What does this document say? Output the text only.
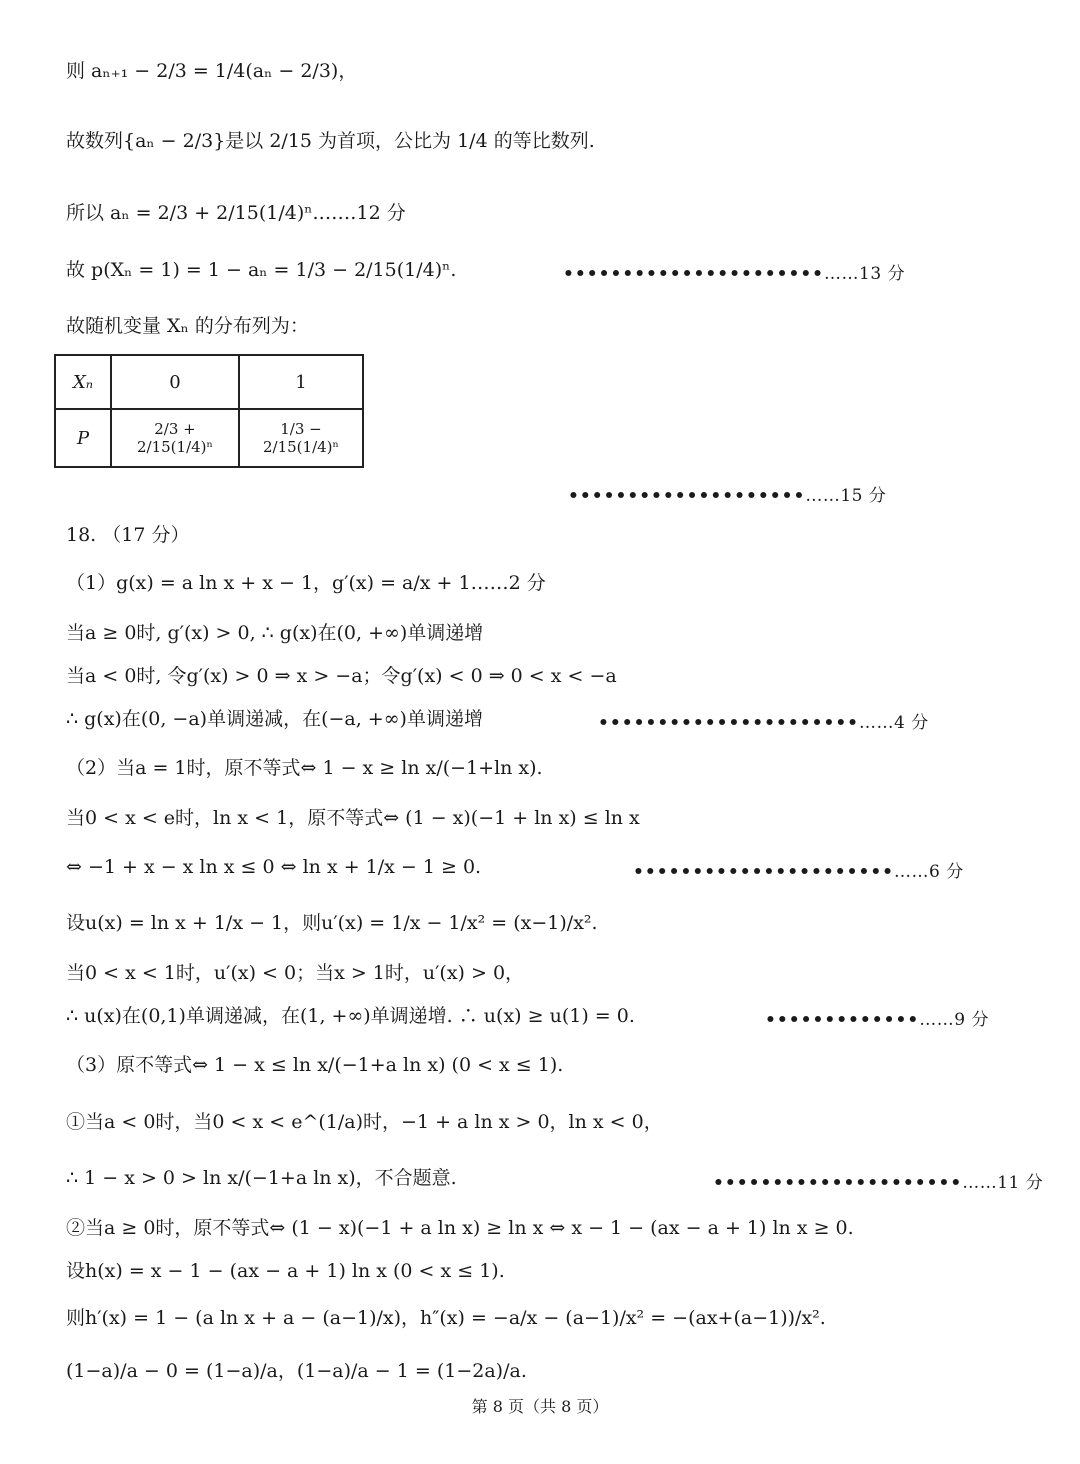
则 aₙ₊₁ − 2/3 = 1/4(aₙ − 2/3)，
故数列{aₙ − 2/3}是以 2/15 为首项，公比为 1/4 的等比数列.
所以 aₙ = 2/3 + 2/15(1/4)ⁿ.……12 分
故 p(Xₙ = 1) = 1 − aₙ = 1/3 − 2/15(1/4)ⁿ.	••••••••••••••••••••••……13 分
故随机变量 Xₙ 的分布列为：
Xₙ	0	1
P	2/3 + 2/15(1/4)ⁿ	1/3 − 2/15(1/4)ⁿ
••••••••••••••••••••……15 分
18. （17 分）
（1）g(x) = a ln x + x − 1，g′(x) = a/x + 1……2 分
当a ≥ 0时, g′(x) > 0, ∴ g(x)在(0, +∞)单调递增
当a < 0时, 令g′(x) > 0 ⇒ x > −a；令g′(x) < 0 ⇒ 0 < x < −a
∴ g(x)在(0, −a)单调递减，在(−a, +∞)单调递增	••••••••••••••••••••••……4 分
（2）当a = 1时，原不等式⇔ 1 − x ≥ ln x/(−1+ln x).
当0 < x < e时，ln x < 1，原不等式⇔ (1 − x)(−1 + ln x) ≤ ln x
⇔ −1 + x − x ln x ≤ 0 ⇔ ln x + 1/x − 1 ≥ 0.	••••••••••••••••••••••……6 分
设u(x) = ln x + 1/x − 1，则u′(x) = 1/x − 1/x² = (x−1)/x².
当0 < x < 1时，u′(x) < 0；当x > 1时，u′(x) > 0，
∴ u(x)在(0,1)单调递减，在(1, +∞)单调递增. ∴ u(x) ≥ u(1) = 0.	•••••••••••••……9 分
（3）原不等式⇔ 1 − x ≤ ln x/(−1+a ln x) (0 < x ≤ 1).
①当a < 0时，当0 < x < e^(1/a)时，−1 + a ln x > 0，ln x < 0，
∴ 1 − x > 0 > ln x/(−1+a ln x)，不合题意.	•••••••••••••••••••••……11 分
②当a ≥ 0时，原不等式⇔ (1 − x)(−1 + a ln x) ≥ ln x ⇔ x − 1 − (ax − a + 1) ln x ≥ 0.
设h(x) = x − 1 − (ax − a + 1) ln x (0 < x ≤ 1).
则h′(x) = 1 − (a ln x + a − (a−1)/x)，h″(x) = −a/x − (a−1)/x² = −(ax+(a−1))/x².
(1−a)/a − 0 = (1−a)/a，(1−a)/a − 1 = (1−2a)/a.
第 8 页（共 8 页）
